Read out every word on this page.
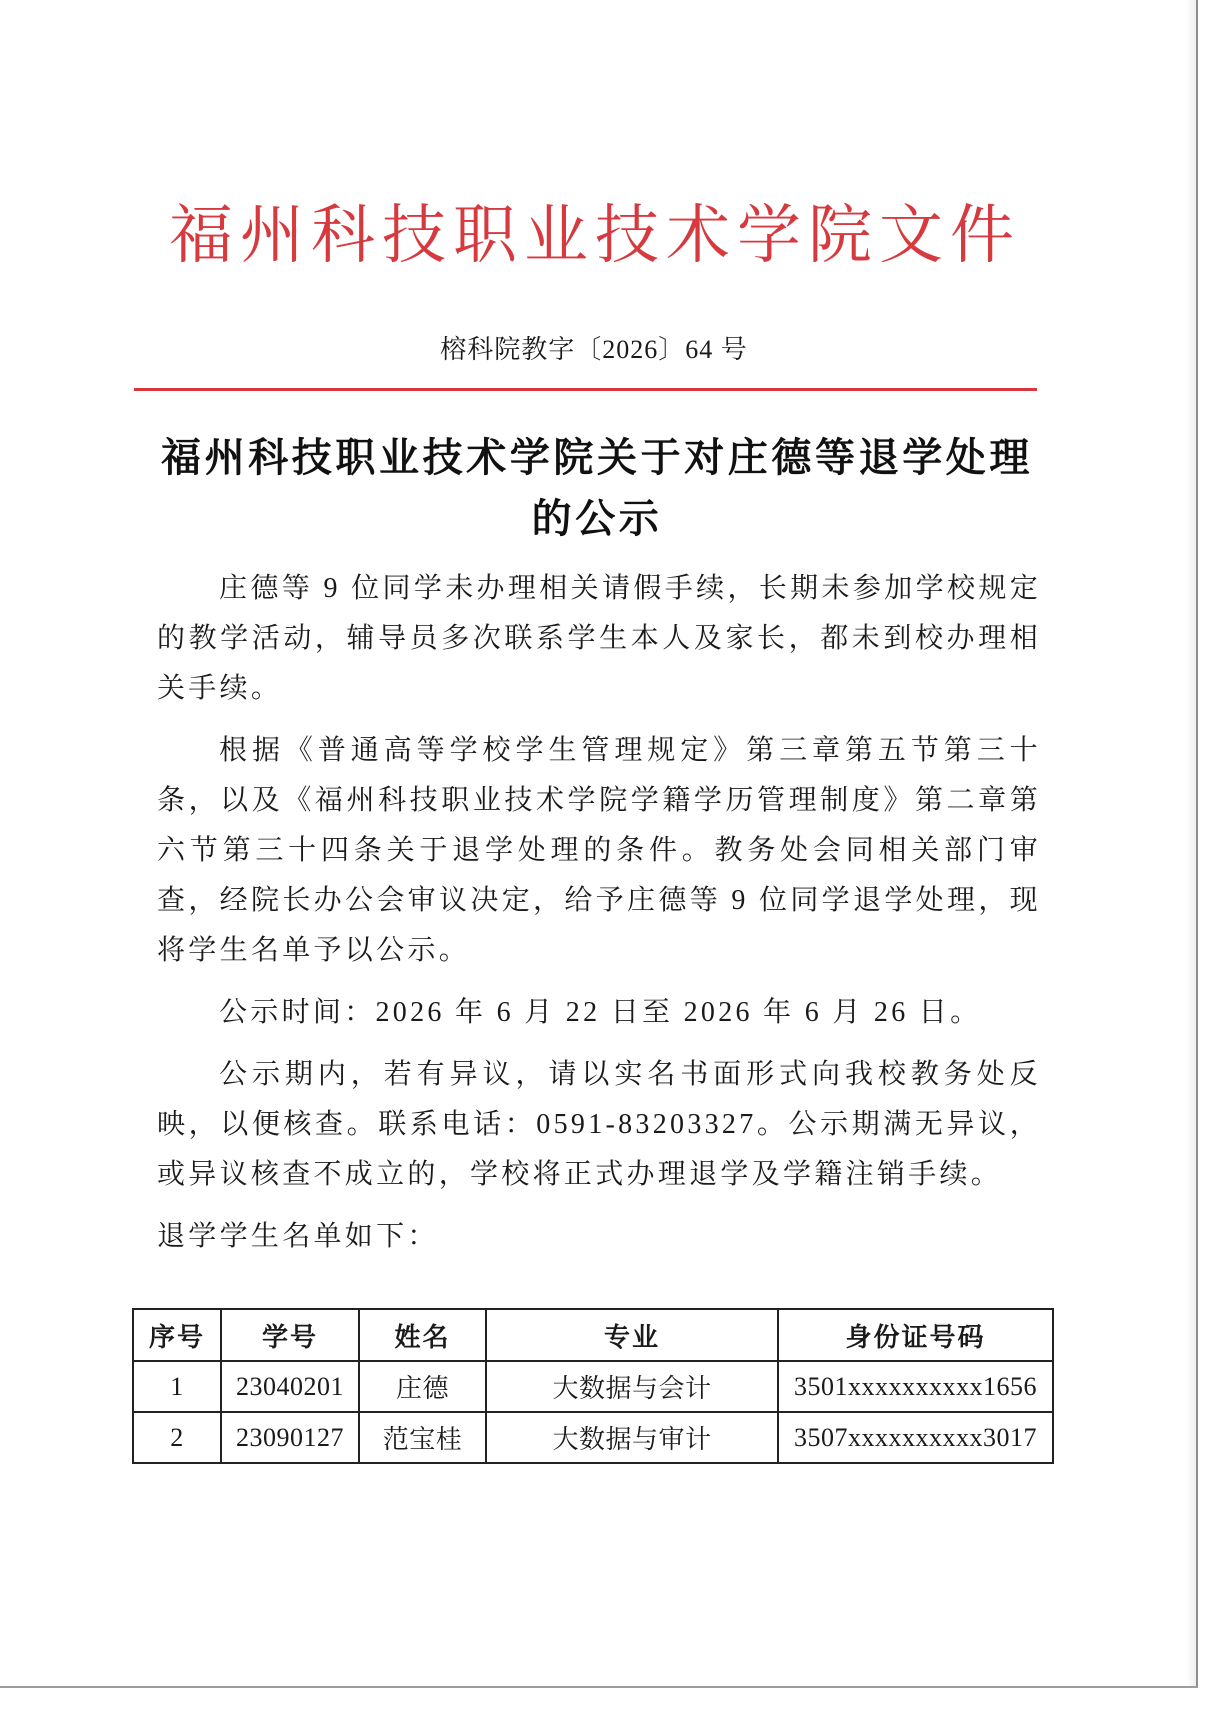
福州科技职业技术学院文件
榕科院教字〔2026〕64 号
福州科技职业技术学院关于对庄德等退学处理
的公示

庄德等 9 位同学未办理相关请假手续，长期未参加学校规定的教学活动，辅导员多次联系学生本人及家长，都未到校办理相关手续。

根据《普通高等学校学生管理规定》第三章第五节第三十条，以及《福州科技职业技术学院学籍学历管理制度》第二章第六节第三十四条关于退学处理的条件。教务处会同相关部门审查，经院长办公会审议决定，给予庄德等 9 位同学退学处理，现将学生名单予以公示。

公示时间：2026 年 6 月 22 日至 2026 年 6 月 26 日。

公示期内，若有异议，请以实名书面形式向我校教务处反映，以便核查。联系电话：0591-83203327。公示期满无异议，或异议核查不成立的，学校将正式办理退学及学籍注销手续。

退学学生名单如下：

序号	学号	姓名	专业	身份证号码
1	23040201	庄德	大数据与会计	3501xxxxxxxxxx1656
2	23090127	范宝桂	大数据与审计	3507xxxxxxxxxx3017
